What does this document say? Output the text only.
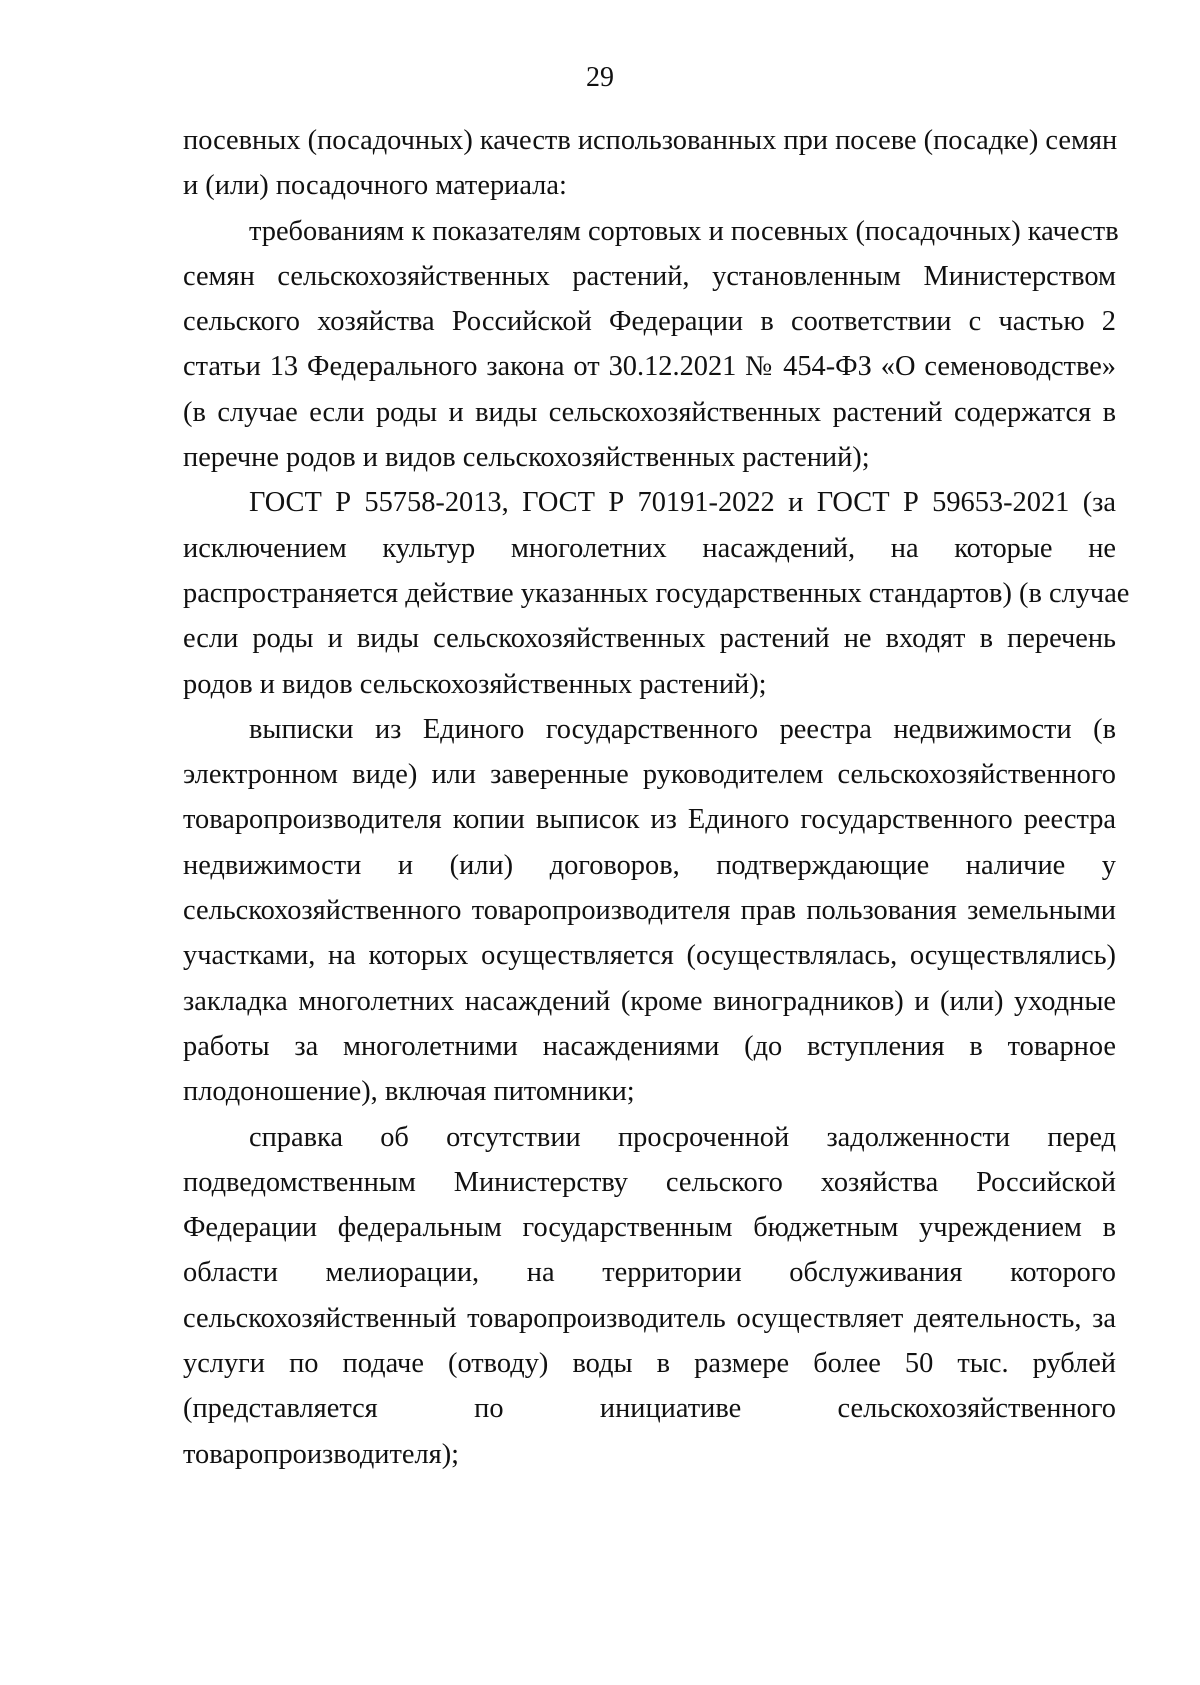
29
посевных (посадочных) качеств использованных при посеве (посадке) семян
и (или) посадочного материала:
требованиям к показателям сортовых и посевных (посадочных) качеств
семян сельскохозяйственных растений, установленным Министерством
сельского хозяйства Российской Федерации в соответствии с частью 2
статьи 13 Федерального закона от 30.12.2021 № 454-ФЗ «О семеноводстве»
(в случае если роды и виды сельскохозяйственных растений содержатся в
перечне родов и видов сельскохозяйственных растений);
ГОСТ Р 55758-2013, ГОСТ Р 70191-2022 и ГОСТ Р 59653-2021 (за
исключением культур многолетних насаждений, на которые не
распространяется действие указанных государственных стандартов) (в случае
если роды и виды сельскохозяйственных растений не входят в перечень
родов и видов сельскохозяйственных растений);
выписки из Единого государственного реестра недвижимости (в
электронном виде) или заверенные руководителем сельскохозяйственного
товаропроизводителя копии выписок из Единого государственного реестра
недвижимости и (или) договоров, подтверждающие наличие у
сельскохозяйственного товаропроизводителя прав пользования земельными
участками, на которых осуществляется (осуществлялась, осуществлялись)
закладка многолетних насаждений (кроме виноградников) и (или) уходные
работы за многолетними насаждениями (до вступления в товарное
плодоношение), включая питомники;
справка об отсутствии просроченной задолженности перед
подведомственным Министерству сельского хозяйства Российской
Федерации федеральным государственным бюджетным учреждением в
области мелиорации, на территории обслуживания которого
сельскохозяйственный товаропроизводитель осуществляет деятельность, за
услуги по подаче (отводу) воды в размере более 50 тыс. рублей
(представляется по инициативе сельскохозяйственного
товаропроизводителя);
